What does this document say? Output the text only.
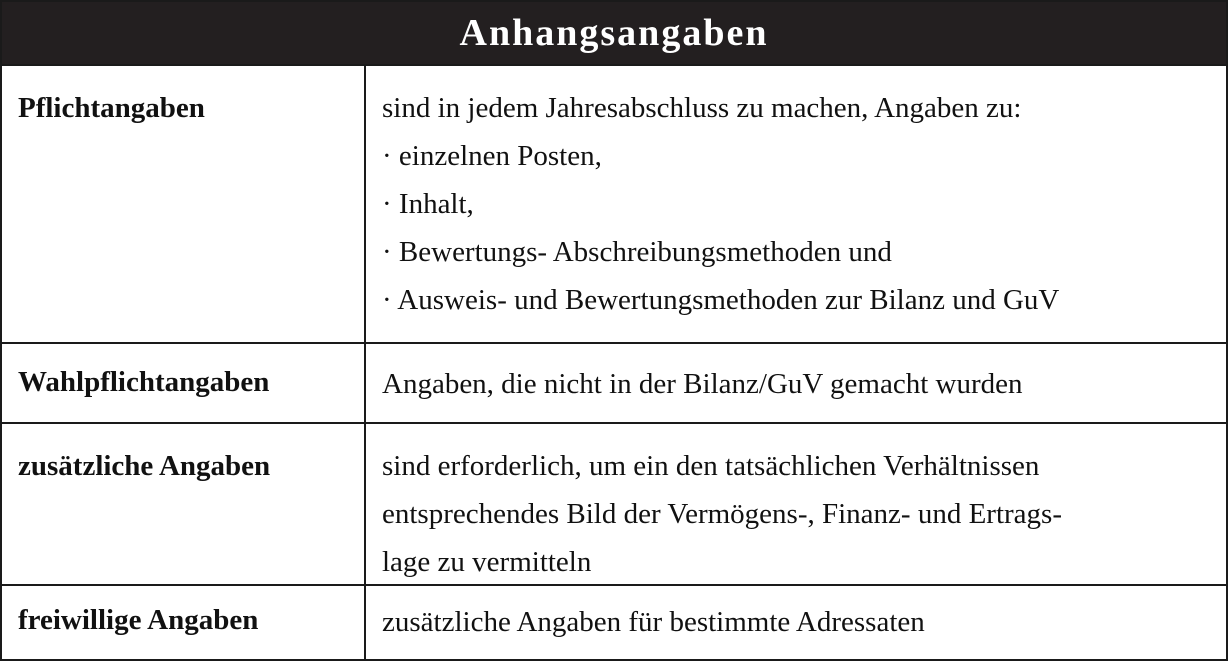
Anhangsangaben
Pflichtangaben	sind in jedem Jahresabschluss zu machen, Angaben zu:
· einzelnen Posten,
· Inhalt,
· Bewertungs- Abschreibungsmethoden und
· Ausweis- und Bewertungsmethoden zur Bilanz und GuV
Wahlpflichtangaben	Angaben, die nicht in der Bilanz/GuV gemacht wurden
zusätzliche Angaben	sind erforderlich, um ein den tatsächlichen Verhältnissen
entsprechendes Bild der Vermögens-, Finanz- und Ertrags-
lage zu vermitteln
freiwillige Angaben	zusätzliche Angaben für bestimmte Adressaten
